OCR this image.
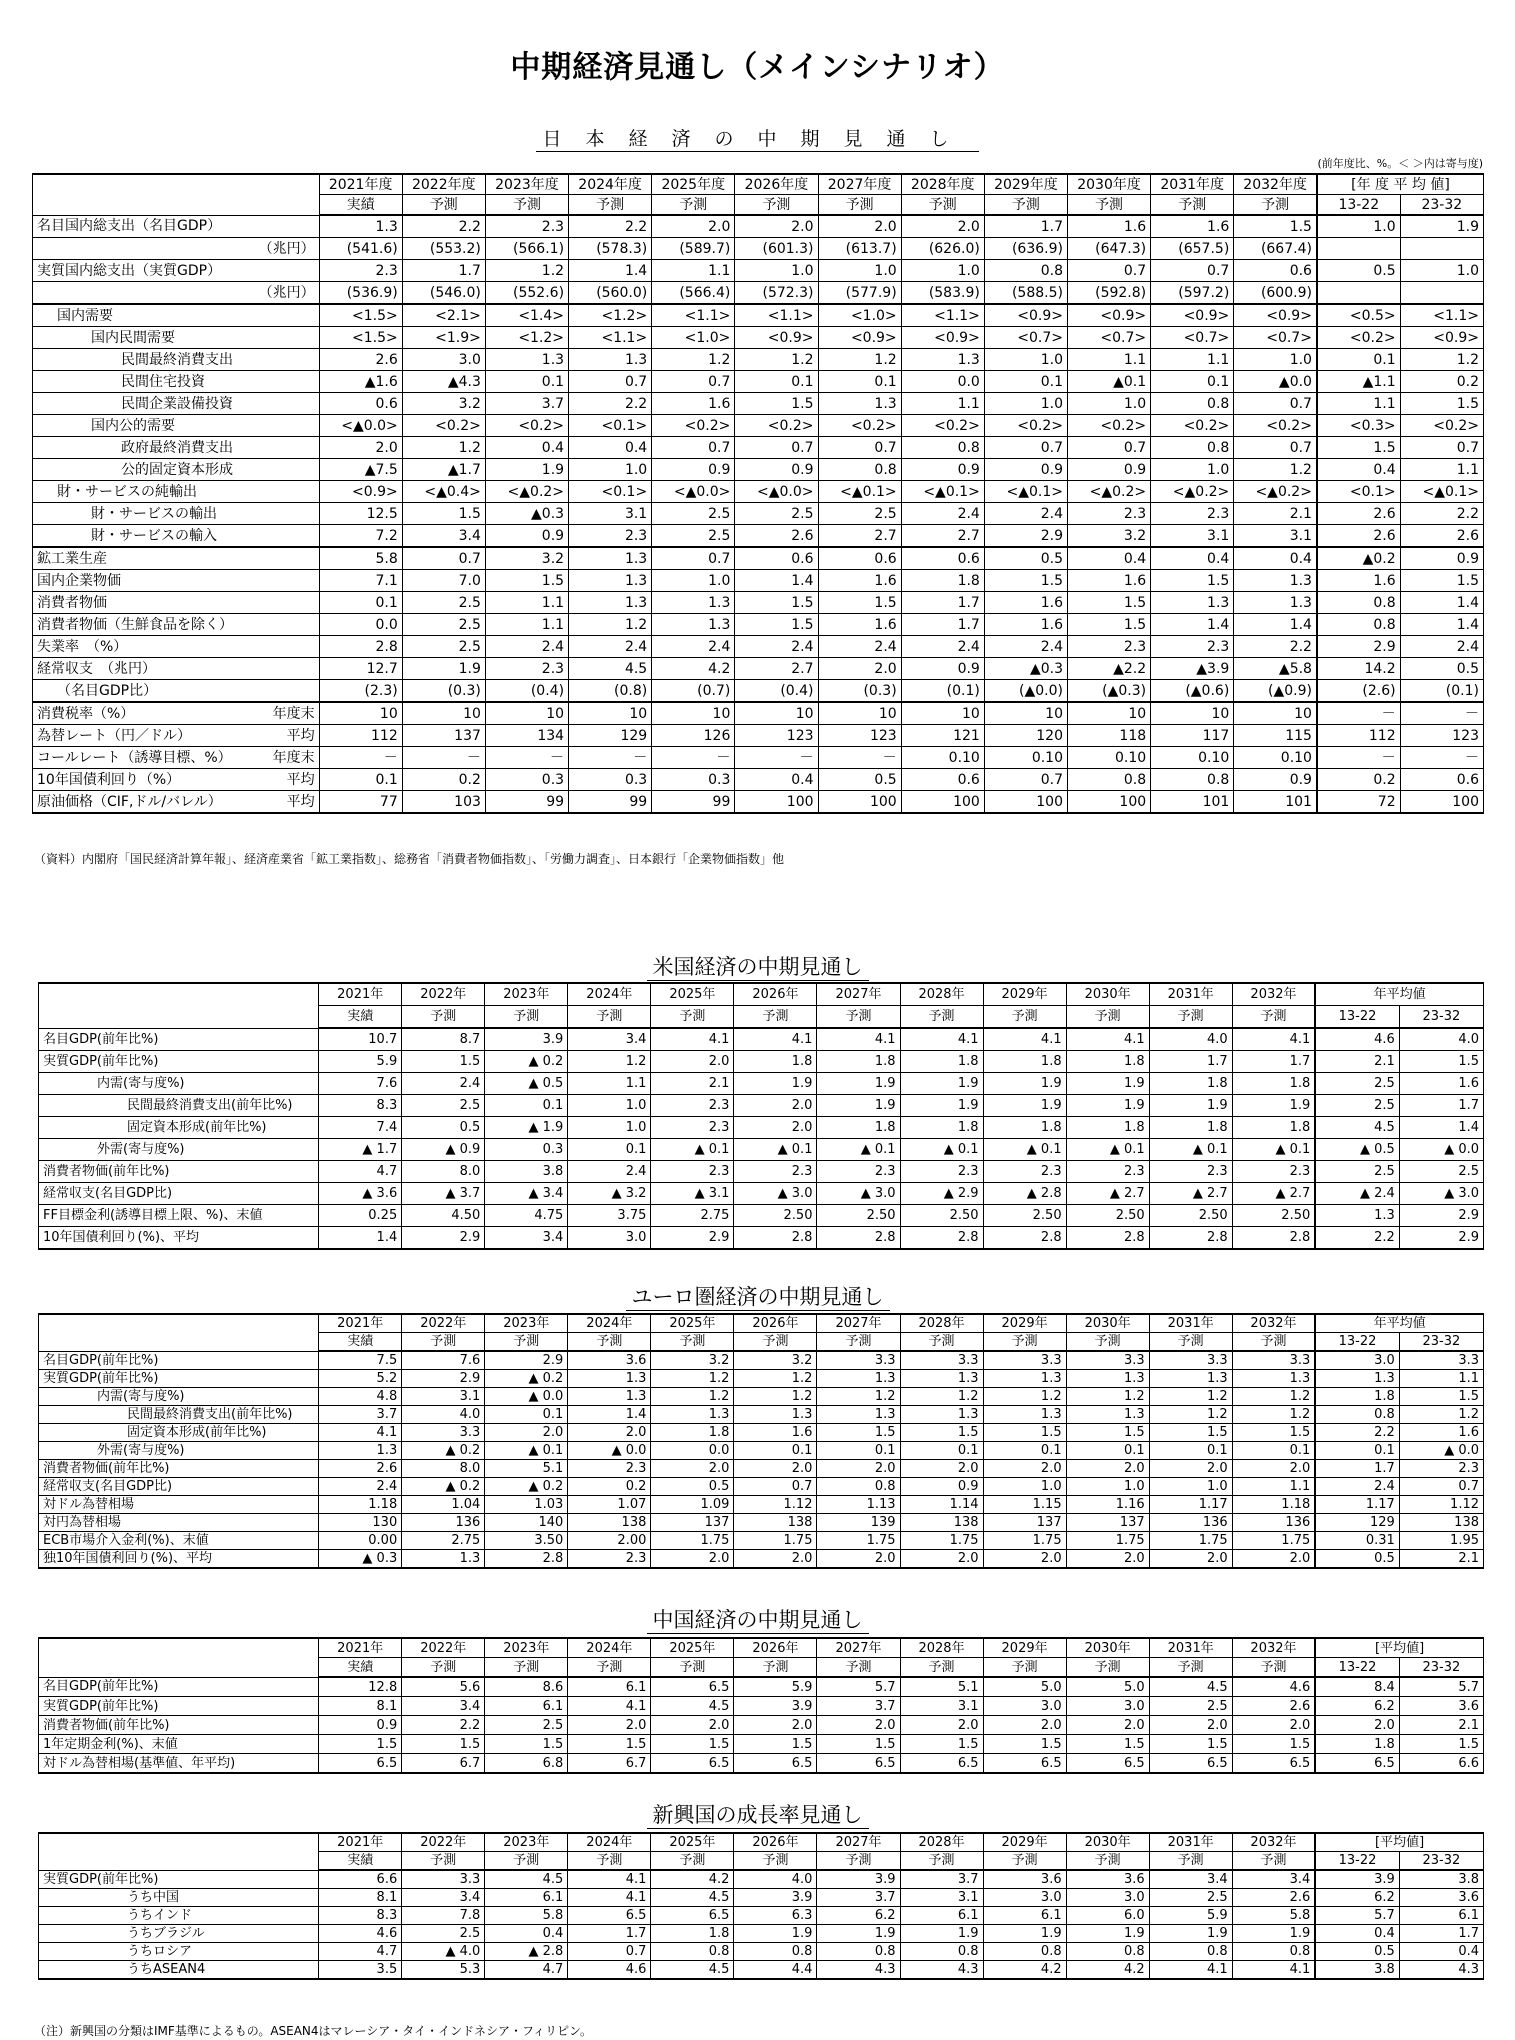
中期経済見通し（メインシナリオ）
日本経済の中期見通し
(前年度比、%。＜ ＞内は寄与度)
	2021年度	2022年度	2023年度	2024年度	2025年度	2026年度	2027年度	2028年度	2029年度	2030年度	2031年度	2032年度	[年 度 平 均 値]	
	実績	予測	予測	予測	予測	予測	予測	予測	予測	予測	予測	予測	13-22	23-32
名目国内総支出（名目GDP）	1.3	2.2	2.3	2.2	2.0	2.0	2.0	2.0	1.7	1.6	1.6	1.5	1.0	1.9

（兆円）	(541.6)	(553.2)	(566.1)	(578.3)	(589.7)	(601.3)	(613.7)	(626.0)	(636.9)	(647.3)	(657.5)	(667.4)		
実質国内総支出（実質GDP）	2.3	1.7	1.2	1.4	1.1	1.0	1.0	1.0	0.8	0.7	0.7	0.6	0.5	1.0

（兆円）	(536.9)	(546.0)	(552.6)	(560.0)	(566.4)	(572.3)	(577.9)	(583.9)	(588.5)	(592.8)	(597.2)	(600.9)		
国内需要	<1.5>	<2.1>	<1.4>	<1.2>	<1.1>	<1.1>	<1.0>	<1.1>	<0.9>	<0.9>	<0.9>	<0.9>	<0.5>	<1.1>
国内民間需要	<1.5>	<1.9>	<1.2>	<1.1>	<1.0>	<0.9>	<0.9>	<0.9>	<0.7>	<0.7>	<0.7>	<0.7>	<0.2>	<0.9>
民間最終消費支出	2.6	3.0	1.3	1.3	1.2	1.2	1.2	1.3	1.0	1.1	1.1	1.0	0.1	1.2
民間住宅投資	▲1.6	▲4.3	0.1	0.7	0.7	0.1	0.1	0.0	0.1	▲0.1	0.1	▲0.0	▲1.1	0.2
民間企業設備投資	0.6	3.2	3.7	2.2	1.6	1.5	1.3	1.1	1.0	1.0	0.8	0.7	1.1	1.5
国内公的需要	<▲0.0>	<0.2>	<0.2>	<0.1>	<0.2>	<0.2>	<0.2>	<0.2>	<0.2>	<0.2>	<0.2>	<0.2>	<0.3>	<0.2>
政府最終消費支出	2.0	1.2	0.4	0.4	0.7	0.7	0.7	0.8	0.7	0.7	0.8	0.7	1.5	0.7
公的固定資本形成	▲7.5	▲1.7	1.9	1.0	0.9	0.9	0.8	0.9	0.9	0.9	1.0	1.2	0.4	1.1
財・サービスの純輸出	<0.9>	<▲0.4>	<▲0.2>	<0.1>	<▲0.0>	<▲0.0>	<▲0.1>	<▲0.1>	<▲0.1>	<▲0.2>	<▲0.2>	<▲0.2>	<0.1>	<▲0.1>
財・サービスの輸出	12.5	1.5	▲0.3	3.1	2.5	2.5	2.5	2.4	2.4	2.3	2.3	2.1	2.6	2.2
財・サービスの輸入	7.2	3.4	0.9	2.3	2.5	2.6	2.7	2.7	2.9	3.2	3.1	3.1	2.6	2.6
鉱工業生産	5.8	0.7	3.2	1.3	0.7	0.6	0.6	0.6	0.5	0.4	0.4	0.4	▲0.2	0.9
国内企業物価	7.1	7.0	1.5	1.3	1.0	1.4	1.6	1.8	1.5	1.6	1.5	1.3	1.6	1.5
消費者物価	0.1	2.5	1.1	1.3	1.3	1.5	1.5	1.7	1.6	1.5	1.3	1.3	0.8	1.4
消費者物価（生鮮食品を除く）	0.0	2.5	1.1	1.2	1.3	1.5	1.6	1.7	1.6	1.5	1.4	1.4	0.8	1.4
失業率　（%）	2.8	2.5	2.4	2.4	2.4	2.4	2.4	2.4	2.4	2.3	2.3	2.2	2.9	2.4
経常収支　（兆円）	12.7	1.9	2.3	4.5	4.2	2.7	2.0	0.9	▲0.3	▲2.2	▲3.9	▲5.8	14.2	0.5
（名目GDP比）	(2.3)	(0.3)	(0.4)	(0.8)	(0.7)	(0.4)	(0.3)	(0.1)	(▲0.0)	(▲0.3)	(▲0.6)	(▲0.9)	(2.6)	(0.1)

消費税率（%） 年度末	10	10	10	10	10	10	10	10	10	10	10	10	－	－

為替レート（円／ドル） 平均	112	137	134	129	126	123	123	121	120	118	117	115	112	123

コールレート（誘導目標、%） 年度末	－	－	－	－	－	－	－	0.10	0.10	0.10	0.10	0.10	－	－

10年国債利回り（%） 平均	0.1	0.2	0.3	0.3	0.3	0.4	0.5	0.6	0.7	0.8	0.8	0.9	0.2	0.6

原油価格（CIF,ドル/バレル） 平均	77	103	99	99	99	100	100	100	100	100	101	101	72	100
（資料）内閣府「国民経済計算年報」、経済産業省「鉱工業指数」、総務省「消費者物価指数」、「労働力調査」、日本銀行「企業物価指数」他
米国経済の中期見通し
	2021年	2022年	2023年	2024年	2025年	2026年	2027年	2028年	2029年	2030年	2031年	2032年	年平均値	
	実績	予測	予測	予測	予測	予測	予測	予測	予測	予測	予測	予測	13-22	23-32
名目GDP(前年比%)	10.7	8.7	3.9	3.4	4.1	4.1	4.1	4.1	4.1	4.1	4.0	4.1	4.6	4.0
実質GDP(前年比%)	5.9	1.5	▲ 0.2	1.2	2.0	1.8	1.8	1.8	1.8	1.8	1.7	1.7	2.1	1.5
内需(寄与度%)	7.6	2.4	▲ 0.5	1.1	2.1	1.9	1.9	1.9	1.9	1.9	1.8	1.8	2.5	1.6
民間最終消費支出(前年比%)	8.3	2.5	0.1	1.0	2.3	2.0	1.9	1.9	1.9	1.9	1.9	1.9	2.5	1.7
固定資本形成(前年比%)	7.4	0.5	▲ 1.9	1.0	2.3	2.0	1.8	1.8	1.8	1.8	1.8	1.8	4.5	1.4
外需(寄与度%)	▲ 1.7	▲ 0.9	0.3	0.1	▲ 0.1	▲ 0.1	▲ 0.1	▲ 0.1	▲ 0.1	▲ 0.1	▲ 0.1	▲ 0.1	▲ 0.5	▲ 0.0
消費者物価(前年比%)	4.7	8.0	3.8	2.4	2.3	2.3	2.3	2.3	2.3	2.3	2.3	2.3	2.5	2.5
経常収支(名目GDP比)	▲ 3.6	▲ 3.7	▲ 3.4	▲ 3.2	▲ 3.1	▲ 3.0	▲ 3.0	▲ 2.9	▲ 2.8	▲ 2.7	▲ 2.7	▲ 2.7	▲ 2.4	▲ 3.0
FF目標金利(誘導目標上限、%)、末値	0.25	4.50	4.75	3.75	2.75	2.50	2.50	2.50	2.50	2.50	2.50	2.50	1.3	2.9
10年国債利回り(%)、平均	1.4	2.9	3.4	3.0	2.9	2.8	2.8	2.8	2.8	2.8	2.8	2.8	2.2	2.9
ユーロ圏経済の中期見通し
	2021年	2022年	2023年	2024年	2025年	2026年	2027年	2028年	2029年	2030年	2031年	2032年	年平均値	
	実績	予測	予測	予測	予測	予測	予測	予測	予測	予測	予測	予測	13-22	23-32
名目GDP(前年比%)	7.5	7.6	2.9	3.6	3.2	3.2	3.3	3.3	3.3	3.3	3.3	3.3	3.0	3.3
実質GDP(前年比%)	5.2	2.9	▲ 0.2	1.3	1.2	1.2	1.3	1.3	1.3	1.3	1.3	1.3	1.3	1.1
内需(寄与度%)	4.8	3.1	▲ 0.0	1.3	1.2	1.2	1.2	1.2	1.2	1.2	1.2	1.2	1.8	1.5
民間最終消費支出(前年比%)	3.7	4.0	0.1	1.4	1.3	1.3	1.3	1.3	1.3	1.3	1.2	1.2	0.8	1.2
固定資本形成(前年比%)	4.1	3.3	2.0	2.0	1.8	1.6	1.5	1.5	1.5	1.5	1.5	1.5	2.2	1.6
外需(寄与度%)	1.3	▲ 0.2	▲ 0.1	▲ 0.0	0.0	0.1	0.1	0.1	0.1	0.1	0.1	0.1	0.1	▲ 0.0
消費者物価(前年比%)	2.6	8.0	5.1	2.3	2.0	2.0	2.0	2.0	2.0	2.0	2.0	2.0	1.7	2.3
経常収支(名目GDP比)	2.4	▲ 0.2	▲ 0.2	0.2	0.5	0.7	0.8	0.9	1.0	1.0	1.0	1.1	2.4	0.7
対ドル為替相場	1.18	1.04	1.03	1.07	1.09	1.12	1.13	1.14	1.15	1.16	1.17	1.18	1.17	1.12
対円為替相場	130	136	140	138	137	138	139	138	137	137	136	136	129	138
ECB市場介入金利(%)、末値	0.00	2.75	3.50	2.00	1.75	1.75	1.75	1.75	1.75	1.75	1.75	1.75	0.31	1.95
独10年国債利回り(%)、平均	▲ 0.3	1.3	2.8	2.3	2.0	2.0	2.0	2.0	2.0	2.0	2.0	2.0	0.5	2.1
中国経済の中期見通し
	2021年	2022年	2023年	2024年	2025年	2026年	2027年	2028年	2029年	2030年	2031年	2032年	[平均値]	
	実績	予測	予測	予測	予測	予測	予測	予測	予測	予測	予測	予測	13-22	23-32
名目GDP(前年比%)	12.8	5.6	8.6	6.1	6.5	5.9	5.7	5.1	5.0	5.0	4.5	4.6	8.4	5.7
実質GDP(前年比%)	8.1	3.4	6.1	4.1	4.5	3.9	3.7	3.1	3.0	3.0	2.5	2.6	6.2	3.6
消費者物価(前年比%)	0.9	2.2	2.5	2.0	2.0	2.0	2.0	2.0	2.0	2.0	2.0	2.0	2.0	2.1
1年定期金利(%)、末値	1.5	1.5	1.5	1.5	1.5	1.5	1.5	1.5	1.5	1.5	1.5	1.5	1.8	1.5
対ドル為替相場(基準値、年平均)	6.5	6.7	6.8	6.7	6.5	6.5	6.5	6.5	6.5	6.5	6.5	6.5	6.5	6.6
新興国の成長率見通し
	2021年	2022年	2023年	2024年	2025年	2026年	2027年	2028年	2029年	2030年	2031年	2032年	[平均値]	
	実績	予測	予測	予測	予測	予測	予測	予測	予測	予測	予測	予測	13-22	23-32
実質GDP(前年比%)	6.6	3.3	4.5	4.1	4.2	4.0	3.9	3.7	3.6	3.6	3.4	3.4	3.9	3.8
うち中国	8.1	3.4	6.1	4.1	4.5	3.9	3.7	3.1	3.0	3.0	2.5	2.6	6.2	3.6
うちインド	8.3	7.8	5.8	6.5	6.5	6.3	6.2	6.1	6.1	6.0	5.9	5.8	5.7	6.1
うちブラジル	4.6	2.5	0.4	1.7	1.8	1.9	1.9	1.9	1.9	1.9	1.9	1.9	0.4	1.7
うちロシア	4.7	▲ 4.0	▲ 2.8	0.7	0.8	0.8	0.8	0.8	0.8	0.8	0.8	0.8	0.5	0.4
うちASEAN4	3.5	5.3	4.7	4.6	4.5	4.4	4.3	4.3	4.2	4.2	4.1	4.1	3.8	4.3
（注）新興国の分類はIMF基準によるもの。ASEAN4はマレーシア・タイ・インドネシア・フィリピン。
